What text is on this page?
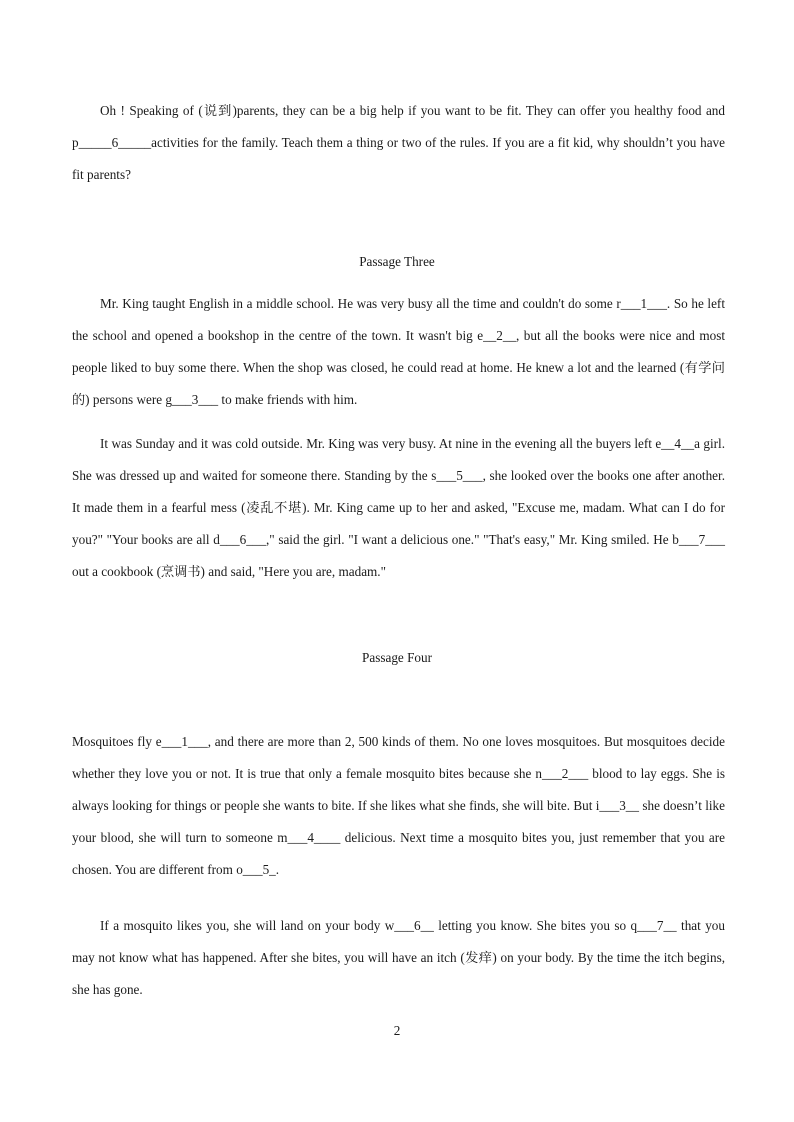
Oh ! Speaking of (说到)parents, they can be a big help if you want to be fit. They can offer you healthy food and p_____6_____activities for the family. Teach them a thing or two of the rules. If you are a fit kid, why shouldn’t you have fit parents?

Passage Three

Mr. King taught English in a middle school. He was very busy all the time and couldn't do some r___1___. So he left the school and opened a bookshop in the centre of the town. It wasn't big e__2__, but all the books were nice and most people liked to buy some there. When the shop was closed, he could read at home. He knew a lot and the learned (有学问的) persons were g___3___ to make friends with him.

It was Sunday and it was cold outside. Mr. King was very busy. At nine in the evening all the buyers left e__4__a girl. She was dressed up and waited for someone there. Standing by the s___5___, she looked over the books one after another. It made them in a fearful mess (凌乱不堪). Mr. King came up to her and asked, "Excuse me, madam. What can I do for you?" "Your books are all d___6___," said the girl. "I want a delicious one." "That's easy," Mr. King smiled. He b___7___ out a cookbook (烹调书) and said, "Here you are, madam."

Passage Four

Mosquitoes fly e___1___, and there are more than 2, 500 kinds of them. No one loves mosquitoes. But mosquitoes decide whether they love you or not. It is true that only a female mosquito bites because she n___2___ blood to lay eggs. She is always looking for things or people she wants to bite. If she likes what she finds, she will bite. But i___3__ she doesn’t like your blood, she will turn to someone m___4____ delicious. Next time a mosquito bites you, just remember that you are chosen. You are different from o___5_.

If a mosquito likes you, she will land on your body w___6__ letting you know. She bites you so q___7__ that you may not know what has happened. After she bites, you will have an itch (发痒) on your body. By the time the itch begins, she has gone.

2
